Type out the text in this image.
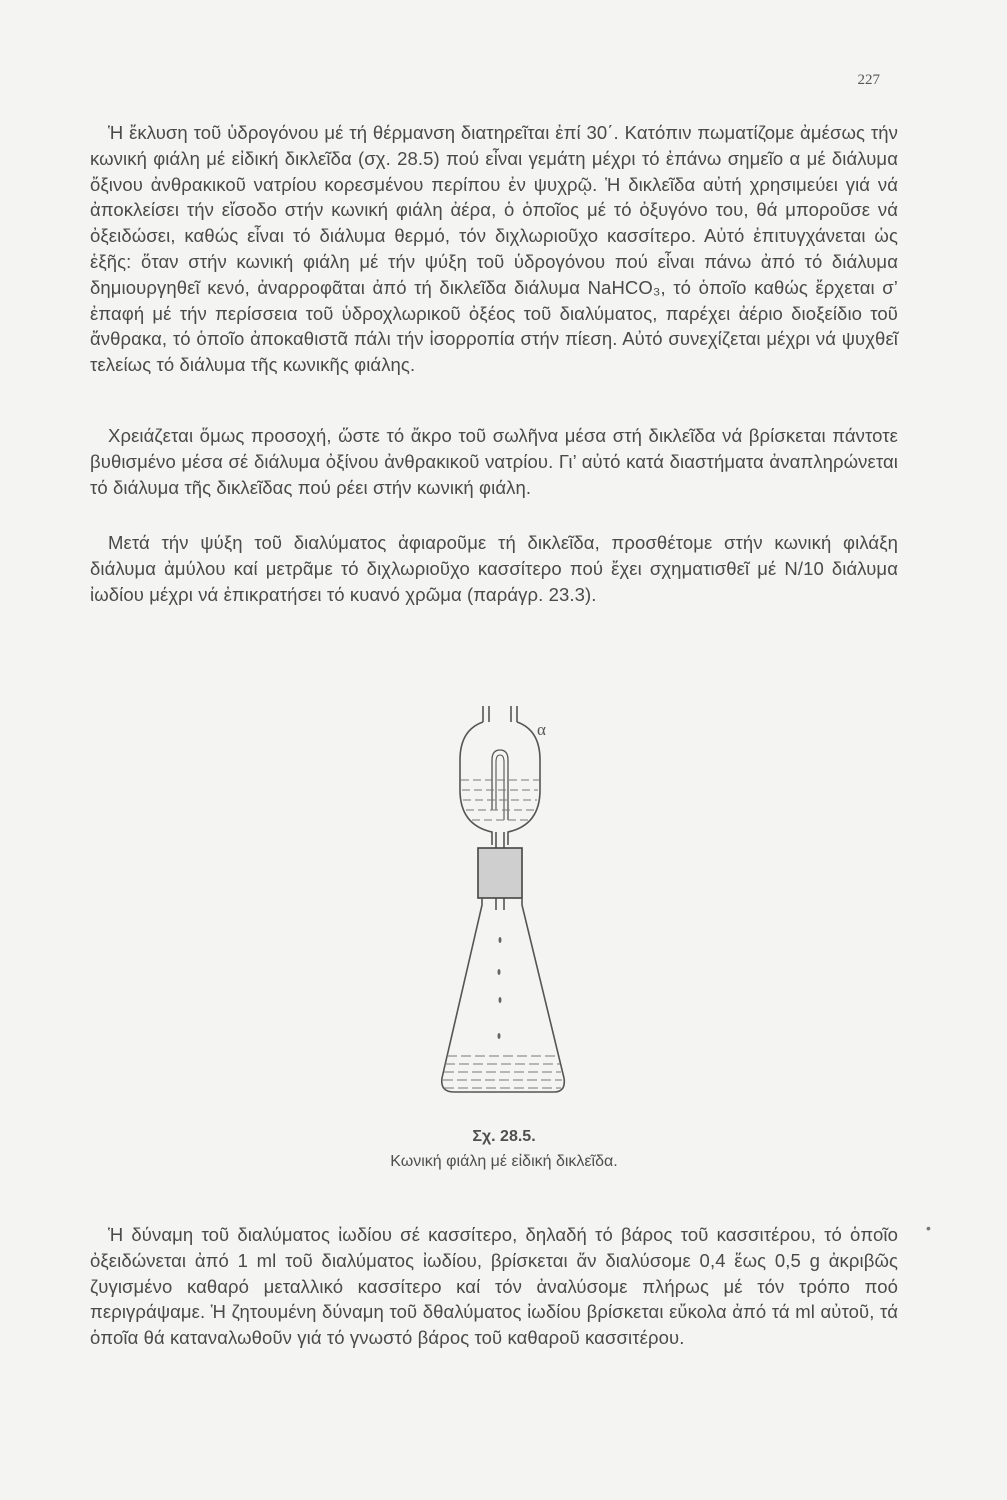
227

Ἡ ἔκλυση τοῦ ὑδρογόνου μέ τή θέρμανση διατηρεῖται ἐπί 30΄. Κατόπιν πωματίζομε ἀμέσως τήν κωνική φιάλη μέ εἰδική δικλεῖδα (σχ. 28.5) πού εἶναι γεμάτη μέχρι τό ἐπάνω σημεῖο α μέ διάλυμα ὄξινου ἀνθρακικοῦ νατρίου κορεσμένου περίπου ἐν ψυχρῷ. Ἡ δικλεῖδα αὐτή χρησιμεύει γιά νά ἀποκλείσει τήν εἴσοδο στήν κωνική φιάλη ἀέρα, ὁ ὁποῖος μέ τό ὀξυγόνο του, θά μποροῦσε νά ὀξειδώσει, καθώς εἶναι τό διάλυμα θερμό, τόν διχλωριοῦχο κασσίτερο. Αὐτό ἐπιτυγχάνεται ὡς ἑξῆς: ὅταν στήν κωνική φιάλη μέ τήν ψύξη τοῦ ὑδρογόνου πού εἶναι πάνω ἀπό τό διάλυμα δημιουργηθεῖ κενό, ἀναρροφᾶται ἀπό τή δικλεῖδα διάλυμα NaHCO₃, τό ὁποῖο καθώς ἔρχεται σ’ ἐπαφή μέ τήν περίσσεια τοῦ ὑδροχλωρικοῦ ὀξέος τοῦ διαλύματος, παρέχει ἀέριο διοξείδιο τοῦ ἄνθρακα, τό ὁποῖο ἀποκαθιστᾶ πάλι τήν ἰσορροπία στήν πίεση. Αὐτό συνεχίζεται μέχρι νά ψυχθεῖ τελείως τό διάλυμα τῆς κωνικῆς φιάλης.

Χρειάζεται ὅμως προσοχή, ὥστε τό ἄκρο τοῦ σωλῆνα μέσα στή δικλεῖδα νά βρίσκεται πάντοτε βυθισμένο μέσα σέ διάλυμα ὀξίνου ἀνθρακικοῦ νατρίου. Γι’ αὐτό κατά διαστήματα ἀναπληρώνεται τό διάλυμα τῆς δικλεῖδας πού ρέει στήν κωνική φιάλη.

Μετά τήν ψύξη τοῦ διαλύματος ἀφιαροῦμε τή δικλεῖδα, προσθέτομε στήν κωνική φιλάξη διάλυμα ἀμύλου καί μετρᾶμε τό διχλωριοῦχο κασσίτερο πού ἔχει σχηματισθεῖ μέ N/10 διάλυμα ἰωδίου μέχρι νά ἐπικρατήσει τό κυανό χρῶμα (παράγρ. 23.3).

α
Σχ. 28.5.
Κωνική φιάλη μέ εἰδική δικλεῖδα.
•

Ἡ δύναμη τοῦ διαλύματος ἰωδίου σέ κασσίτερο, δηλαδή τό βάρος τοῦ κασσιτέρου, τό ὁποῖο ὀξειδώνεται ἀπό 1 ml τοῦ διαλύματος ἰωδίου, βρίσκεται ἄν διαλύσομε 0,4 ἕως 0,5 g ἀκριβῶς ζυγισμένο καθαρό μεταλλικό κασσίτερο καί τόν ἀναλύσομε πλήρως μέ τόν τρόπο ποό περιγράψαμε. Ἡ ζητουμένη δύναμη τοῦ δθαλύματος ἰωδίου βρίσκεται εὔκολα ἀπό τά ml αὐτοῦ, τά ὁποῖα θά καταναλωθοῦν γιά τό γνωστό βάρος τοῦ καθαροῦ κασσιτέρου.
